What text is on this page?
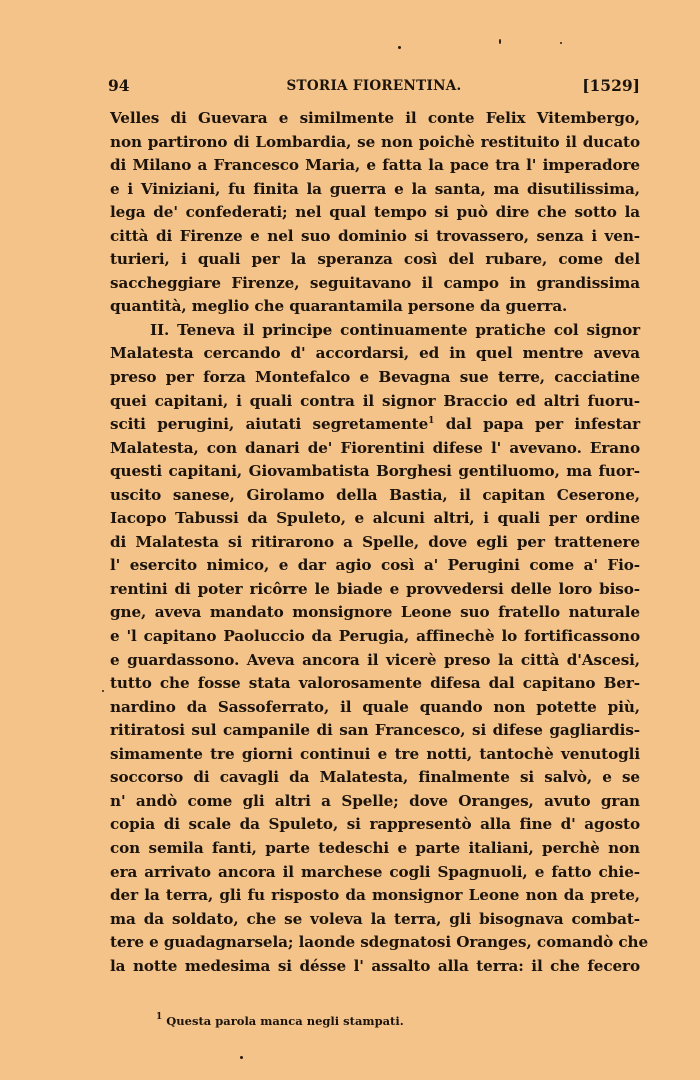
94	STORIA FIORENTINA.	[1529]
Velles di Guevara e similmente il conte Felix Vitembergo,
non partirono di Lombardia, se non poichè restituito il ducato
di Milano a Francesco Maria, e fatta la pace tra l' imperadore
e i Viniziani, fu finita la guerra e la santa, ma disutilissima,
lega de' confederati; nel qual tempo si può dire che sotto la
città di Firenze e nel suo dominio si trovassero, senza i ven-
turieri, i quali per la speranza così del rubare, come del
saccheggiare Firenze, seguitavano il campo in grandissima
quantità, meglio che quarantamila persone da guerra.
II. Teneva il principe continuamente pratiche col signor
Malatesta cercando d' accordarsi, ed in quel mentre aveva
preso per forza Montefalco e Bevagna sue terre, cacciatine
quei capitani, i quali contra il signor Braccio ed altri fuoru-
sciti perugini, aiutati segretamente$^1$ dal papa per infestar
Malatesta, con danari de' Fiorentini difese l' avevano. Erano
questi capitani, Giovambatista Borghesi gentiluomo, ma fuor-
uscito sanese, Girolamo della Bastia, il capitan Ceserone,
Iacopo Tabussi da Spuleto, e alcuni altri, i quali per ordine
di Malatesta si ritirarono a Spelle, dove egli per trattenere
l' esercito nimico, e dar agio così a' Perugini come a' Fio-
rentini di poter ricôrre le biade e provvedersi delle loro biso-
gne, aveva mandato monsignore Leone suo fratello naturale
e 'l capitano Paoluccio da Perugia, affinechè lo fortificassono
e guardassono. Aveva ancora il vicerè preso la città d'Ascesi,
tutto che fosse stata valorosamente difesa dal capitano Ber-
nardino da Sassoferrato, il quale quando non potette più,
ritiratosi sul campanile di san Francesco, si difese gagliardis-
simamente tre giorni continui e tre notti, tantochè venutogli
soccorso di cavagli da Malatesta, finalmente si salvò, e se
n' andò come gli altri a Spelle; dove Oranges, avuto gran
copia di scale da Spuleto, si rappresentò alla fine d' agosto
con semila fanti, parte tedeschi e parte italiani, perchè non
era arrivato ancora il marchese cogli Spagnuoli, e fatto chie-
der la terra, gli fu risposto da monsignor Leone non da prete,
ma da soldato, che se voleva la terra, gli bisognava combat-
tere e guadagnarsela; laonde sdegnatosi Oranges, comandò che
la notte medesima si désse l' assalto alla terra: il che fecero
$^1$ Questa parola manca negli stampati.
